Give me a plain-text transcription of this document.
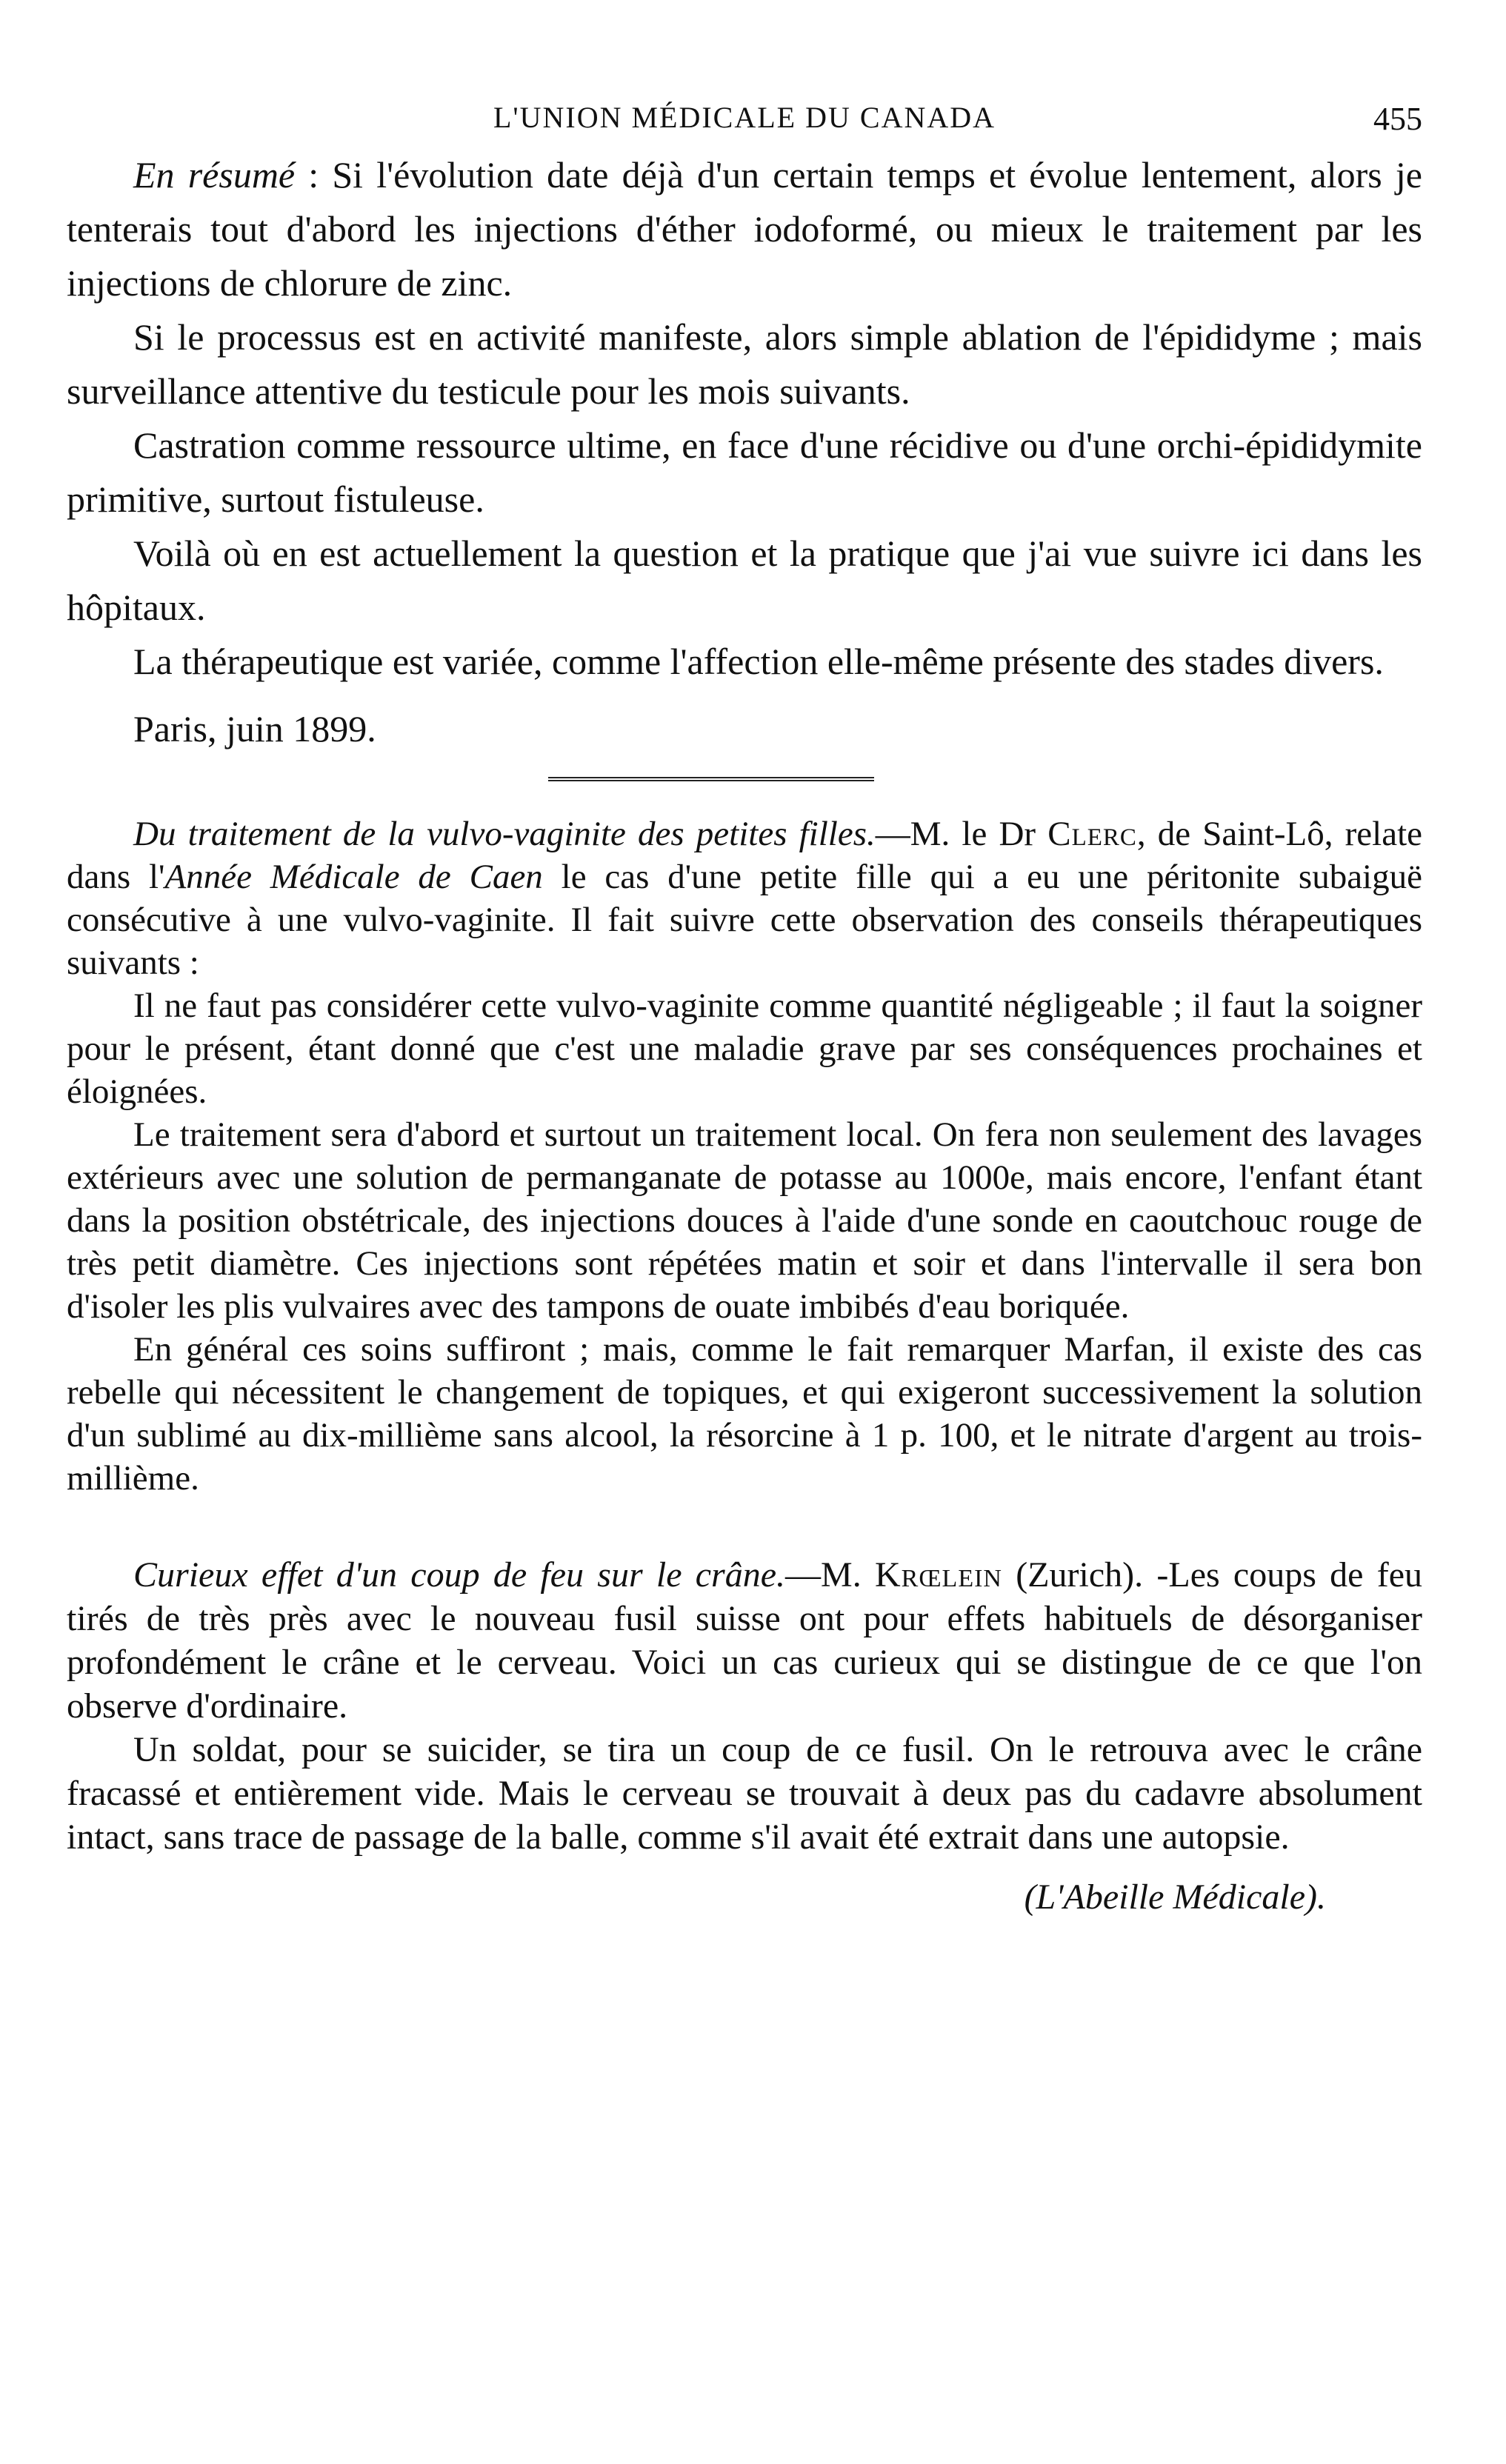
L'UNION MÉDICALE DU CANADA	455

En résumé : Si l'évolution date déjà d'un certain temps et évolue lentement, alors je tenterais tout d'abord les injections d'éther iodoformé, ou mieux le traitement par les injections de chlorure de zinc.

Si le processus est en activité manifeste, alors simple ablation de l'épididyme ; mais surveillance attentive du testicule pour les mois suivants.

Castration comme ressource ultime, en face d'une récidive ou d'une orchi-épididymite primitive, surtout fistuleuse.

Voilà où en est actuellement la question et la pratique que j'ai vue suivre ici dans les hôpitaux.

La thérapeutique est variée, comme l'affection elle-même présente des stades divers.

Paris, juin 1899.

Du traitement de la vulvo-vaginite des petites filles.—M. le Dr Clerc, de Saint-Lô, relate dans l'Année Médicale de Caen le cas d'une petite fille qui a eu une péritonite subaiguë consécutive à une vulvo-vaginite. Il fait suivre cette observation des conseils thérapeutiques suivants :

Il ne faut pas considérer cette vulvo-vaginite comme quantité négligeable ; il faut la soigner pour le présent, étant donné que c'est une maladie grave par ses conséquences prochaines et éloignées.

Le traitement sera d'abord et surtout un traitement local. On fera non seulement des lavages extérieurs avec une solution de permanganate de potasse au 1000e, mais encore, l'enfant étant dans la position obstétricale, des injections douces à l'aide d'une sonde en caoutchouc rouge de très petit diamètre. Ces injections sont répétées matin et soir et dans l'intervalle il sera bon d'isoler les plis vulvaires avec des tampons de ouate imbibés d'eau boriquée.

En général ces soins suffiront ; mais, comme le fait remarquer Marfan, il existe des cas rebelle qui nécessitent le changement de topiques, et qui exigeront successivement la solution d'un sublimé au dix-millième sans alcool, la résorcine à 1 p. 100, et le nitrate d'argent au trois-millième.

Curieux effet d'un coup de feu sur le crâne.—M. Krœlein (Zurich). -Les coups de feu tirés de très près avec le nouveau fusil suisse ont pour effets habituels de désorganiser profondément le crâne et le cerveau. Voici un cas curieux qui se distingue de ce que l'on observe d'ordinaire.

Un soldat, pour se suicider, se tira un coup de ce fusil. On le retrouva avec le crâne fracassé et entièrement vide. Mais le cerveau se trouvait à deux pas du cadavre absolument intact, sans trace de passage de la balle, comme s'il avait été extrait dans une autopsie.

(L'Abeille Médicale).
